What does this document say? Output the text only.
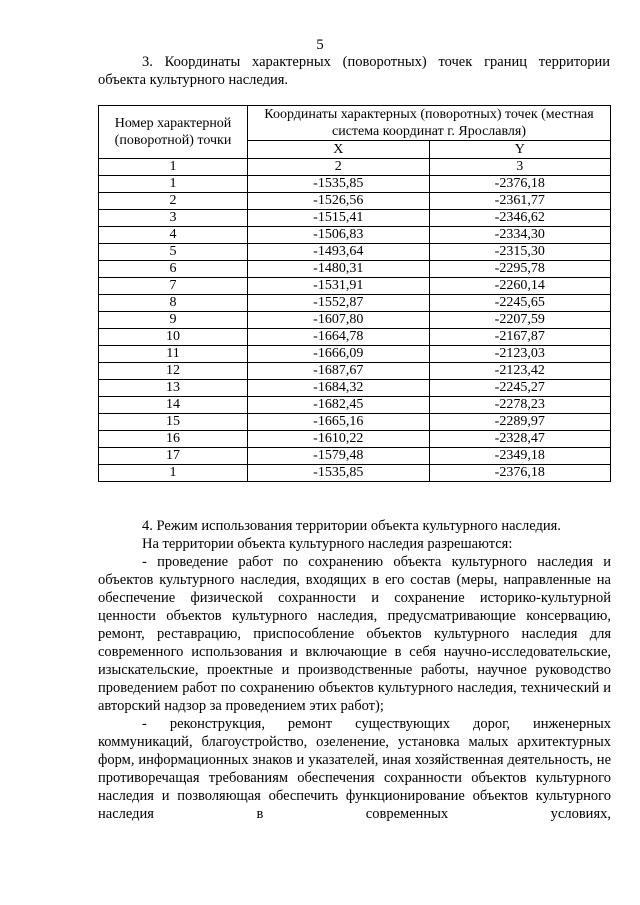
5
3. Координаты характерных (поворотных) точек границ территории объекта культурного наследия.
Номер характерной (поворотной) точки	Координаты характерных (поворотных) точек (местная система координат г. Ярославля)	
	X	Y
1	2	3
1	-1535,85	-2376,18
2	-1526,56	-2361,77
3	-1515,41	-2346,62
4	-1506,83	-2334,30
5	-1493,64	-2315,30
6	-1480,31	-2295,78
7	-1531,91	-2260,14
8	-1552,87	-2245,65
9	-1607,80	-2207,59
10	-1664,78	-2167,87
11	-1666,09	-2123,03
12	-1687,67	-2123,42
13	-1684,32	-2245,27
14	-1682,45	-2278,23
15	-1665,16	-2289,97
16	-1610,22	-2328,47
17	-1579,48	-2349,18
1	-1535,85	-2376,18

4. Режим использования территории объекта культурного наследия.

На территории объекта культурного наследия разрешаются:

- проведение работ по сохранению объекта культурного наследия и объектов культурного наследия, входящих в его состав (меры, направленные на обеспечение физической сохранности и сохранение историко-культурной ценности объектов культурного наследия, предусматривающие консервацию, ремонт, реставрацию, приспособление объектов культурного наследия для современного использования и включающие в себя научно-исследовательские, изыскательские, проектные и производственные работы, научное руководство проведением работ по сохранению объектов культурного наследия, технический и авторский надзор за проведением этих работ);

- реконструкция, ремонт существующих дорог, инженерных коммуникаций, благоустройство, озеленение, установка малых архитектурных форм, информационных знаков и указателей, иная хозяйственная деятельность, не противоречащая требованиям обеспечения сохранности объектов культурного наследия и позволяющая обеспечить функционирование объектов культурного наследия в современных условиях,
